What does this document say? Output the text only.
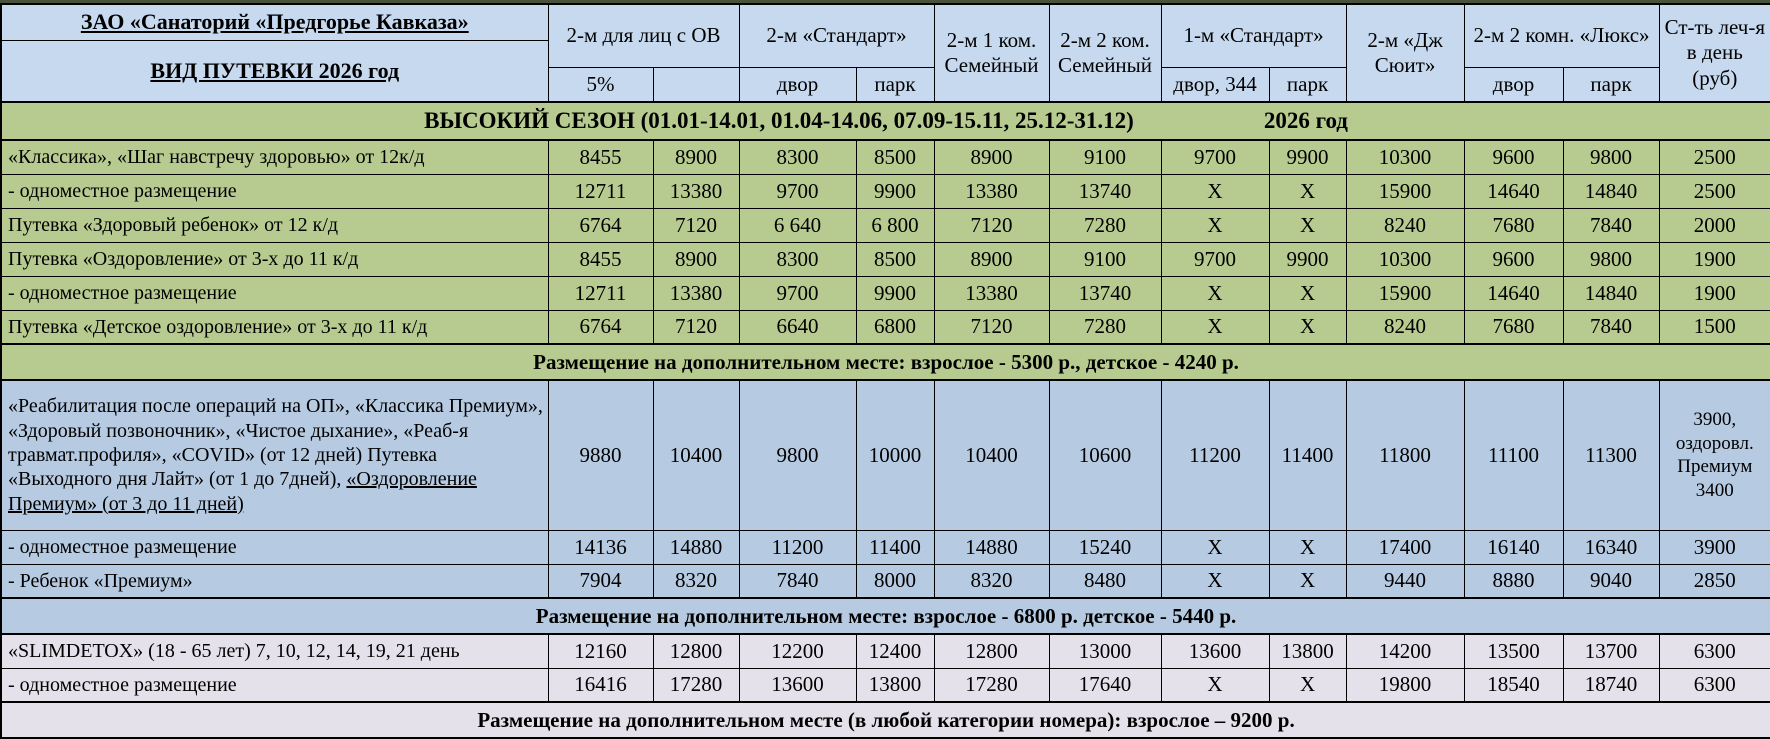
ЗАО «Санаторий «Предгорье Кавказа»
ВИД ПУТЕВКИ 2026 год	2-м для лиц с ОВ		2-м «Стандарт»		2-м 1 ком. Семейный	2-м 2 ком. Семейный	1-м «Стандарт»		2-м «Дж Сюит»	2-м 2 комн. «Люкс»		Ст-ть леч-я в день (руб)
	5%		двор	парк			двор, 344	парк		двор	парк	

ВЫСОКИЙ СЕЗОН (01.01-14.01, 01.04-14.06, 07.09-15.11, 25.12-31.12) 2026 год												

«Классика», «Шаг навстречу здоровью» от 12к/д	8455	8900	8300	8500	8900	9100	9700	9900	10300	9600	9800	2500
- одноместное размещение	12711	13380	9700	9900	13380	13740	X	X	15900	14640	14840	2500
Путевка «Здоровый ребенок» от 12 к/д	6764	7120	6 640	6 800	7120	7280	X	X	8240	7680	7840	2000
Путевка «Оздоровление» от 3-х до 11 к/д	8455	8900	8300	8500	8900	9100	9700	9900	10300	9600	9800	1900
- одноместное размещение	12711	13380	9700	9900	13380	13740	X	X	15900	14640	14840	1900
Путевка «Детское оздоровление» от 3-х до 11 к/д	6764	7120	6640	6800	7120	7280	X	X	8240	7680	7840	1500
Размещение на дополнительном месте: взрослое - 5300 р., детское - 4240 р.												
«Реабилитация после операций на ОП», «Классика Премиум», «Здоровый позвоночник», «Чистое дыхание», «Реаб-я травмат.профиля», «COVID» (от 12 дней) Путевка «Выходного дня Лайт» (от 1 до 7дней), «Оздоровление Премиум» (от 3 до 11 дней)	9880	10400	9800	10000	10400	10600	11200	11400	11800	11100	11300	3900, оздоровл. Премиум 3400
- одноместное размещение	14136	14880	11200	11400	14880	15240	X	X	17400	16140	16340	3900
- Ребенок «Премиум»	7904	8320	7840	8000	8320	8480	X	X	9440	8880	9040	2850
Размещение на дополнительном месте: взрослое - 6800 р. детское - 5440 р.												
«SLIMDETOX» (18 - 65 лет) 7, 10, 12, 14, 19, 21 день	12160	12800	12200	12400	12800	13000	13600	13800	14200	13500	13700	6300
- одноместное размещение	16416	17280	13600	13800	17280	17640	X	X	19800	18540	18740	6300
Размещение на дополнительном месте (в любой категории номера): взрослое – 9200 р.												
